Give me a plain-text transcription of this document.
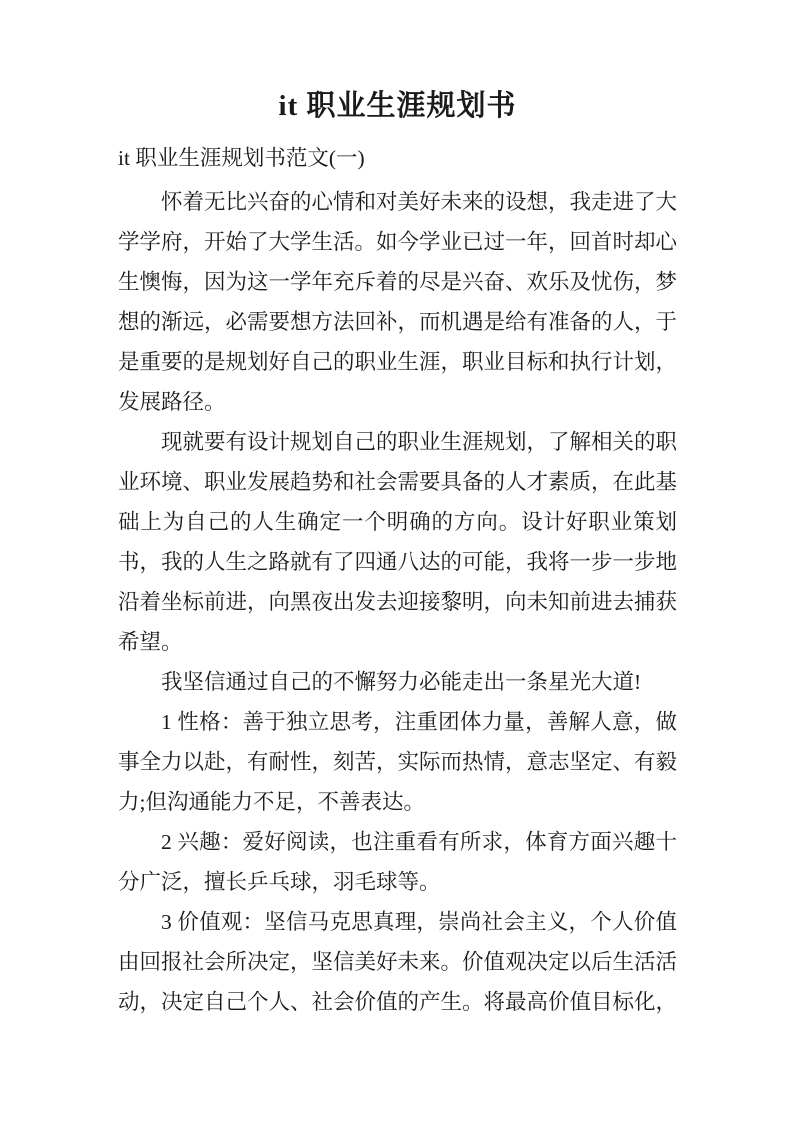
it 职业生涯规划书

it 职业生涯规划书范文(一)

怀着无比兴奋的心情和对美好未来的设想，我走进了大学学府，开始了大学生活。如今学业已过一年，回首时却心生懊悔，因为这一学年充斥着的尽是兴奋、欢乐及忧伤，梦想的渐远，必需要想方法回补，而机遇是给有准备的人，于是重要的是规划好自己的职业生涯，职业目标和执行计划，发展路径。

现就要有设计规划自己的职业生涯规划，了解相关的职业环境、职业发展趋势和社会需要具备的人才素质，在此基础上为自己的人生确定一个明确的方向。设计好职业策划书，我的人生之路就有了四通八达的可能，我将一步一步地沿着坐标前进，向黑夜出发去迎接黎明，向未知前进去捕获希望。

我坚信通过自己的不懈努力必能走出一条星光大道!

1 性格：善于独立思考，注重团体力量，善解人意，做事全力以赴，有耐性，刻苦，实际而热情，意志坚定、有毅力;但沟通能力不足，不善表达。

2 兴趣：爱好阅读，也注重看有所求，体育方面兴趣十分广泛，擅长乒乓球，羽毛球等。

3 价值观：坚信马克思真理，崇尚社会主义，个人价值由回报社会所决定，坚信美好未来。价值观决定以后生活活动，决定自己个人、社会价值的产生。将最高价值目标化，
